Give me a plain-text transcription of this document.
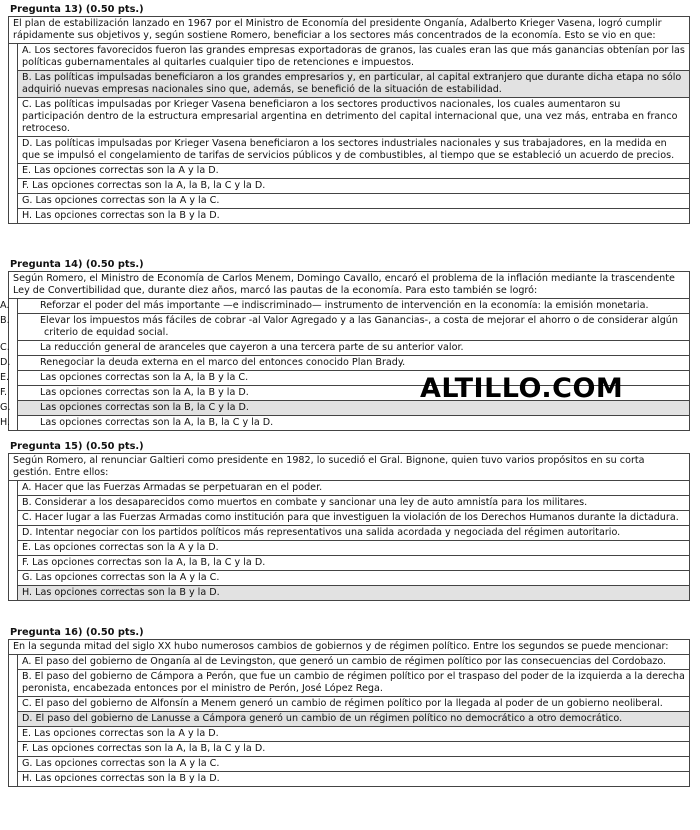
Pregunta 13) (0.50 pts.)
El plan de estabilización lanzado en 1967 por el Ministro de Economía del presidente Onganía, Adalberto Krieger Vasena, logró cumplir rápidamente sus objetivos y, según sostiene Romero, beneficiar a los sectores más concentrados de la economía. Esto se vio en que:
A. Los sectores favorecidos fueron las grandes empresas exportadoras de granos, las cuales eran las que más ganancias obtenían por las políticas gubernamentales al quitarles cualquier tipo de retenciones e impuestos.
B. Las políticas impulsadas beneficiaron a los grandes empresarios y, en particular, al capital extranjero que durante dicha etapa no sólo adquirió nuevas empresas nacionales sino que, además, se benefició de la situación de estabilidad.
C. Las políticas impulsadas por Krieger Vasena beneficiaron a los sectores productivos nacionales, los cuales aumentaron su participación dentro de la estructura empresarial argentina en detrimento del capital internacional que, una vez más, entraba en franco retroceso.
D. Las políticas impulsadas por Krieger Vasena beneficiaron a los sectores industriales nacionales y sus trabajadores, en la medida en que se impulsó el congelamiento de tarifas de servicios públicos y de combustibles, al tiempo que se estableció un acuerdo de precios.
E. Las opciones correctas son la A y la D.
F. Las opciones correctas son la A, la B, la C y la D.
G. Las opciones correctas son la A y la C.
H. Las opciones correctas son la B y la D.
Pregunta 14) (0.50 pts.)
Según Romero, el Ministro de Economía de Carlos Menem, Domingo Cavallo, encaró el problema de la inflación mediante la trascendente Ley de Convertibilidad que, durante diez años, marcó las pautas de la economía. Para esto también se logró:
A.	Reforzar el poder del más importante —e indiscriminado— instrumento de intervención en la economía: la emisión monetaria.
B.	Elevar los impuestos más fáciles de cobrar -al Valor Agregado y a las Ganancias-, a costa de mejorar el ahorro o de considerar algún criterio de equidad social.
C.	La reducción general de aranceles que cayeron a una tercera parte de su anterior valor.
D.	Renegociar la deuda externa en el marco del entonces conocido Plan Brady.
E.	Las opciones correctas son la A, la B y la C.
F.	Las opciones correctas son la A, la B y la D.
G.	Las opciones correctas son la B, la C y la D.
H.	Las opciones correctas son la A, la B, la C y la D.
Pregunta 15) (0.50 pts.)
Según Romero, al renunciar Galtieri como presidente en 1982, lo sucedió el Gral. Bignone, quien tuvo varios propósitos en su corta gestión. Entre ellos:
A. Hacer que las Fuerzas Armadas se perpetuaran en el poder.
B. Considerar a los desaparecidos como muertos en combate y sancionar una ley de auto amnistía para los militares.
C. Hacer lugar a las Fuerzas Armadas como institución para que investiguen la violación de los Derechos Humanos durante la dictadura.
D. Intentar negociar con los partidos políticos más representativos una salida acordada y negociada del régimen autoritario.
E. Las opciones correctas son la A y la D.
F. Las opciones correctas son la A, la B, la C y la D.
G. Las opciones correctas son la A y la C.
H. Las opciones correctas son la B y la D.
Pregunta 16) (0.50 pts.)
En la segunda mitad del siglo XX hubo numerosos cambios de gobiernos y de régimen político. Entre los segundos se puede mencionar:
A. El paso del gobierno de Onganía al de Levingston, que generó un cambio de régimen político por las consecuencias del Cordobazo.
B. El paso del gobierno de Cámpora a Perón, que fue un cambio de régimen político por el traspaso del poder de la izquierda a la derecha peronista, encabezada entonces por el ministro de Perón, José López Rega.
C. El paso del gobierno de Alfonsín a Menem generó un cambio de régimen político por la llegada al poder de un gobierno neoliberal.
D. El paso del gobierno de Lanusse a Cámpora generó un cambio de un régimen político no democrático a otro democrático.
E. Las opciones correctas son la A y la D.
F. Las opciones correctas son la A, la B, la C y la D.
G. Las opciones correctas son la A y la C.
H. Las opciones correctas son la B y la D.
ALTILLO.COM
